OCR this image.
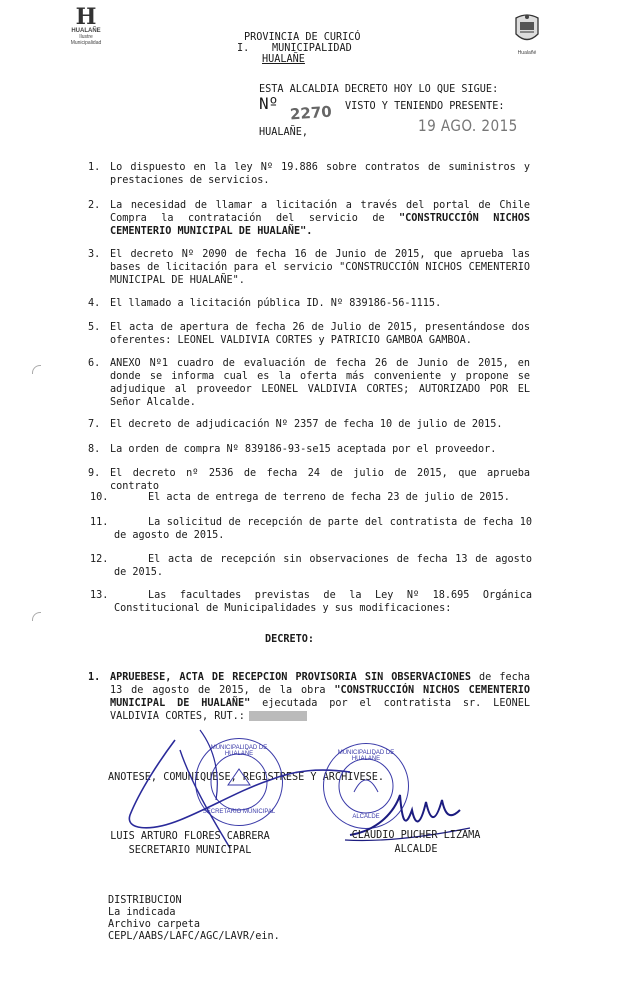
H
HUALAÑE
Ilustre Municipalidad
Hualañé
PROVINCIA DE CURICÓ
I. MUNICIPALIDAD
HUALAÑE
ESTA ALCALDIA DECRETO HOY LO QUE SIGUE:
Nº 2270 VISTO Y TENIENDO PRESENTE:
HUALAÑE,	19 AGO. 2015
1. Lo dispuesto en la ley Nº 19.886 sobre contratos de suministros y prestaciones de servicios.
2. La necesidad de llamar a licitación a través del portal de Chile Compra la contratación del servicio de "CONSTRUCCIÓN NICHOS CEMENTERIO MUNICIPAL DE HUALAÑE".
3. El decreto Nº 2090 de fecha 16 de Junio de 2015, que aprueba las bases de licitación para el servicio "CONSTRUCCIÓN NICHOS CEMENTERIO MUNICIPAL DE HUALAÑE".
4. El llamado a licitación pública ID. Nº 839186-56-1115.
5. El acta de apertura de fecha 26 de Julio de 2015, presentándose dos oferentes: LEONEL VALDIVIA CORTES y PATRICIO GAMBOA GAMBOA.
6. ANEXO Nº1 cuadro de evaluación de fecha 26 de Junio de 2015, en donde se informa cual es la oferta más conveniente y propone se adjudique al proveedor LEONEL VALDIVIA CORTES; AUTORIZADO POR EL Señor Alcalde.
7. El decreto de adjudicación Nº 2357 de fecha 10 de julio de 2015.
8. La orden de compra Nº 839186-93-se15 aceptada por el proveedor.
9. El decreto nº 2536 de fecha 24 de julio de 2015, que aprueba contrato
10.	El acta de entrega de terreno de fecha 23 de julio de 2015.
11.	La solicitud de recepción de parte del contratista de fecha 10 de agosto de 2015.
12.	El acta de recepción sin observaciones de fecha 13 de agosto de 2015.
13.	Las facultades previstas de la Ley Nº 18.695 Orgánica Constitucional de Municipalidades y sus modificaciones:
DECRETO:
1. APRUEBESE, ACTA DE RECEPCION PROVISORIA SIN OBSERVACIONES de fecha 13 de agosto de 2015, de la obra "CONSTRUCCIÓN NICHOS CEMENTERIO MUNICIPAL DE HUALAÑE" ejecutada por el contratista sr. LEONEL VALDIVIA CORTES, RUT.:
ANOTESE, COMUNIQUESE, REGISTRESE Y ARCHIVESE.
MUNICIPALIDAD DE HUALAÑE
SECRETARIO MUNICIPAL
MUNICIPALIDAD DE HUALAÑE
ALCALDE
LUIS ARTURO FLORES CABRERA
SECRETARIO MUNICIPAL
CLAUDIO PUCHER LIZAMA
ALCALDE
DISTRIBUCION
La indicada
Archivo carpeta
CEPL/AABS/LAFC/AGC/LAVR/ein.
